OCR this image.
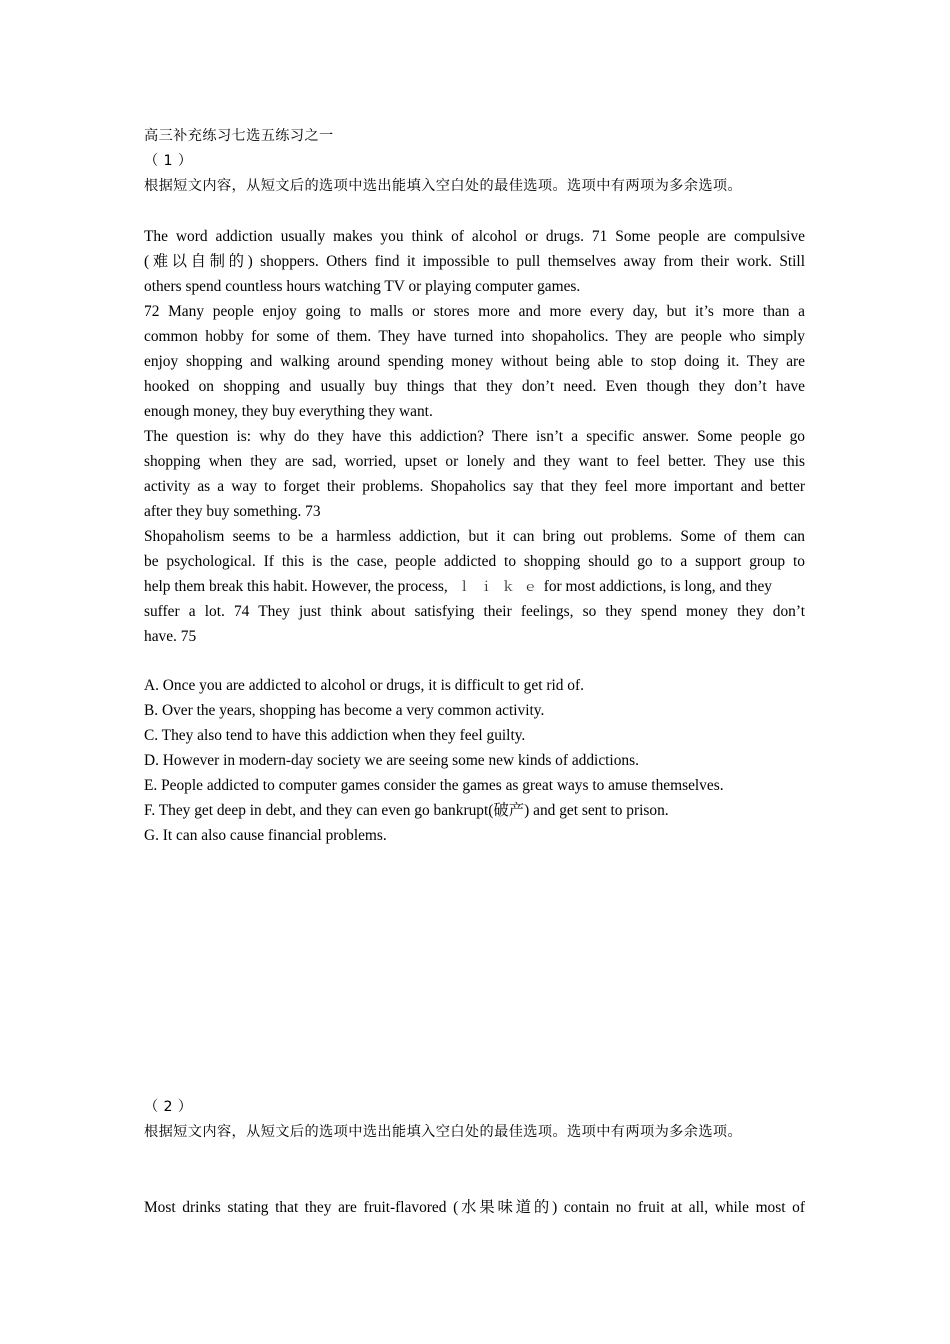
高三补充练习七选五练习之一
（ 1 ）
根据短文内容，从短文后的选项中选出能填入空白处的最佳选项。选项中有两项为多余选项。
The word addiction usually makes you think of alcohol or drugs. 71 Some people are compulsive
(难以自制的) shoppers. Others find it impossible to pull themselves away from their work. Still
others spend countless hours watching TV or playing computer games.
72 Many people enjoy going to malls or stores more and more every day, but it’s more than a
common hobby for some of them. They have turned into shopaholics. They are people who simply
enjoy shopping and walking around spending money without being able to stop doing it. They are
hooked on shopping and usually buy things that they don’t need. Even though they don’t have
enough money, they buy everything they want.
The question is: why do they have this addiction? There isn’t a specific answer. Some people go
shopping when they are sad, worried, upset or lonely and they want to feel better. They use this
activity as a way to forget their problems. Shopaholics say that they feel more important and better
after they buy something. 73
Shopaholism seems to be a harmless addiction, but it can bring out problems. Some of them can
be psychological. If this is the case, people addicted to shopping should go to a support group to
help them break this habit. However, the process, ｌｉｋｅfor most addictions, is long, and they
suffer a lot. 74 They just think about satisfying their feelings, so they spend money they don’t
have. 75
A. Once you are addicted to alcohol or drugs, it is difficult to get rid of.
B. Over the years, shopping has become a very common activity.
C. They also tend to have this addiction when they feel guilty.
D. However in modern-day society we are seeing some new kinds of addictions.
E. People addicted to computer games consider the games as great ways to amuse themselves.
F. They get deep in debt, and they can even go bankrupt(破产) and get sent to prison.
G. It can also cause financial problems.
（ 2 ）
根据短文内容，从短文后的选项中选出能填入空白处的最佳选项。选项中有两项为多余选项。
Most drinks stating that they are fruit-flavored (水果味道的) contain no fruit at all, while most of
